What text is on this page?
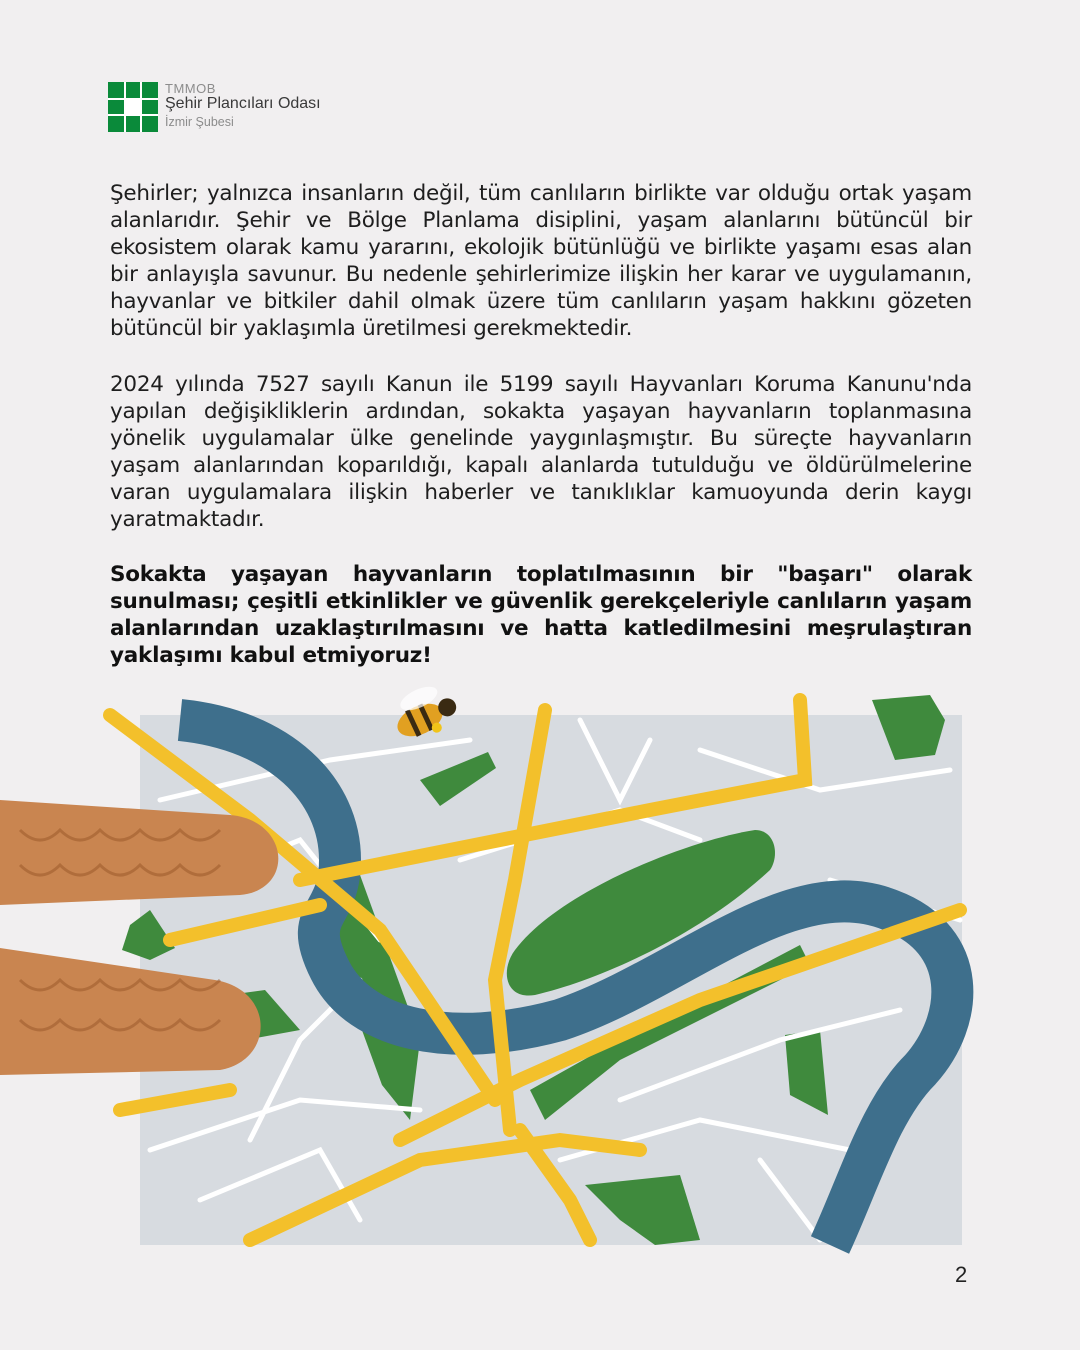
TMMOB
Şehir Plancıları Odası
İzmir Şubesi

Şehirler; yalnızca insanların değil, tüm canlıların birlikte var olduğu ortak yaşam alanlarıdır. Şehir ve Bölge Planlama disiplini, yaşam alanlarını bütüncül bir ekosistem olarak kamu yararını, ekolojik bütünlüğü ve birlikte yaşamı esas alan bir anlayışla savunur. Bu nedenle şehirlerimize ilişkin her karar ve uygulamanın, hayvanlar ve bitkiler dahil olmak üzere tüm canlıların yaşam hakkını gözeten bütüncül bir yaklaşımla üretilmesi gerekmektedir.

2024 yılında 7527 sayılı Kanun ile 5199 sayılı Hayvanları Koruma Kanunu'nda yapılan değişikliklerin ardından, sokakta yaşayan hayvanların toplanmasına yönelik uygulamalar ülke genelinde yaygınlaşmıştır. Bu süreçte hayvanların yaşam alanlarından koparıldığı, kapalı alanlarda tutulduğu ve öldürülmelerine varan uygulamalara ilişkin haberler ve tanıklıklar kamuoyunda derin kaygı yaratmaktadır.

Sokakta yaşayan hayvanların toplatılmasının bir "başarı" olarak sunulması; çeşitli etkinlikler ve güvenlik gerekçeleriyle canlıların yaşam alanlarından uzaklaştırılmasını ve hatta katledilmesini meşrulaştıran yaklaşımı kabul etmiyoruz!

2
